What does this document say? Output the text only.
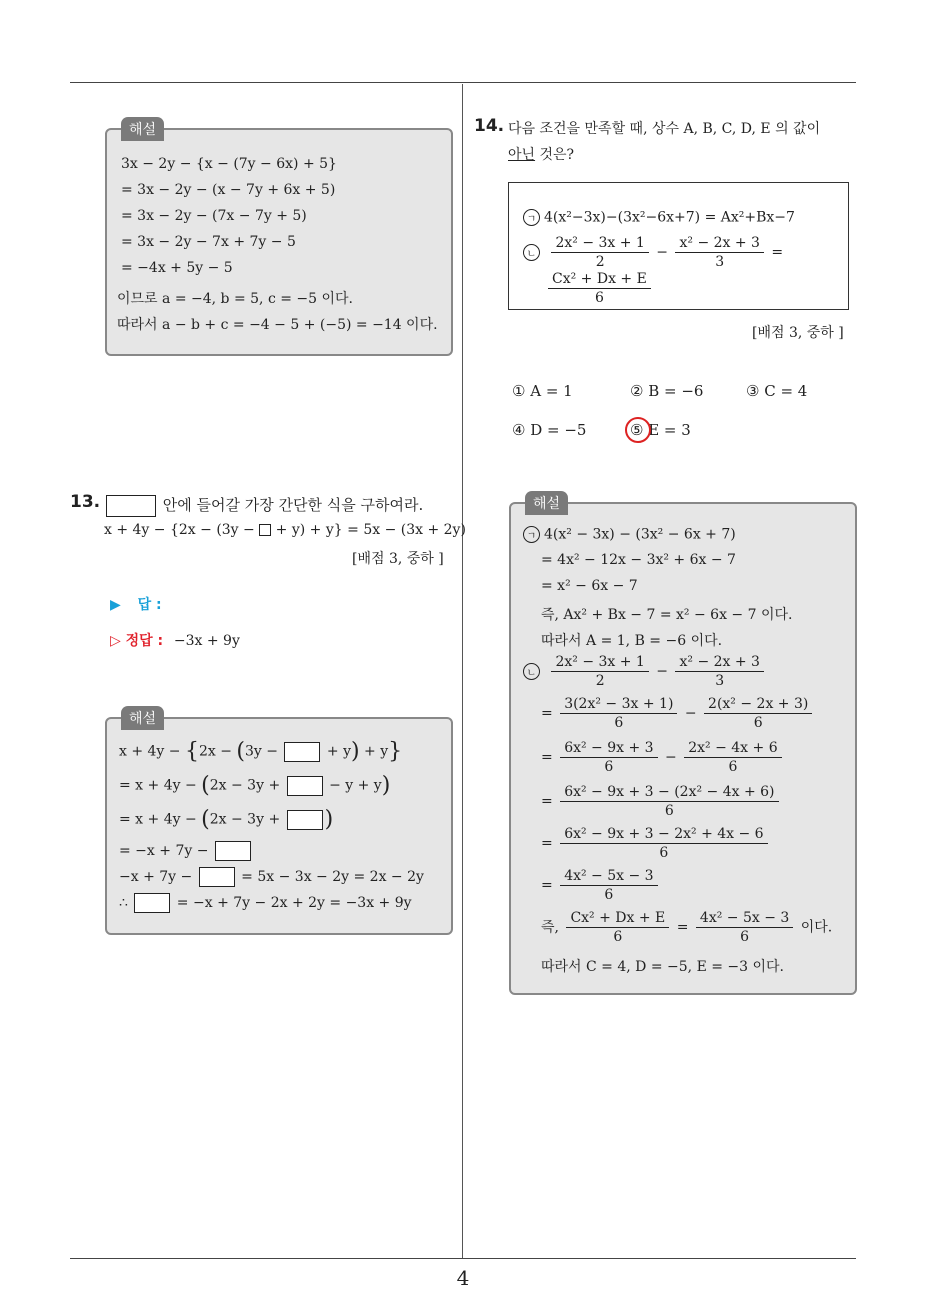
4
해설
3x − 2y − {x − (7y − 6x) + 5}
= 3x − 2y − (x − 7y + 6x + 5)
= 3x − 2y − (7x − 7y + 5)
= 3x − 2y − 7x + 7y − 5
= −4x + 5y − 5
이므로 a = −4, b = 5, c = −5 이다.
따라서 a − b + c = −4 − 5 + (−5) = −14 이다.
13.	안에 들어갈 가장 간단한 식을 구하여라.
x + 4y − {2x − (3y −  + y) + y} = 5x − (3x + 2y)
[배점 3, 중하 ]
▶ 답 :
▷ 정답 : −3x + 9y
해설
x + 4y − {2x − (3y −	+ y) + y}
= x + 4y − (2x − 3y +	− y + y)
= x + 4y − (2x − 3y + )
= −x + 7y −
−x + 7y −	= 5x − 3x − 2y = 2x − 2y
∴	= −x + 7y − 2x + 2y = −3x + 9y
14. 다음 조건을 만족할 때, 상수 A, B, C, D, E 의 값이
아닌 것은?
ㄱ 4(x²−3x)−(3x²−6x+7) = Ax²+Bx−7
ㄴ $\frac{\text{2x² − 3x + 1}}{2} - \frac{\text{x² − 2x + 3}}{3}$ =
$\frac{\text{Cx² + Dx + E}}{6}$
[배점 3, 중하 ]
① A = 1	② B = −6	③ C = 4
④ D = −5	⑤ E = 3
해설
ㄱ 4(x² − 3x) − (3x² − 6x + 7)
= 4x² − 12x − 3x² + 6x − 7
= x² − 6x − 7
즉, Ax² + Bx − 7 = x² − 6x − 7 이다.
따라서 A = 1, B = −6 이다.
ㄴ $\frac{\text{2x² − 3x + 1}}{2} - \frac{\text{x² − 2x + 3}}{3}$
= $\frac{\text{3(2x² − 3x + 1)}}{6} - \frac{\text{2(x² − 2x + 3)}}{6}$
= $\frac{\text{6x² − 9x + 3}}{6} - \frac{\text{2x² − 4x + 6}}{6}$
= $\frac{\text{6x² − 9x + 3 − (2x² − 4x + 6)}}{6}$
= $\frac{\text{6x² − 9x + 3 − 2x² + 4x − 6}}{6}$
= $\frac{\text{4x² − 5x − 3}}{6}$
즉, $\frac{\text{Cx² + Dx + E}}{6} = \frac{\text{4x² − 5x − 3}}{6}$ 이다.
따라서 C = 4, D = −5, E = −3 이다.
